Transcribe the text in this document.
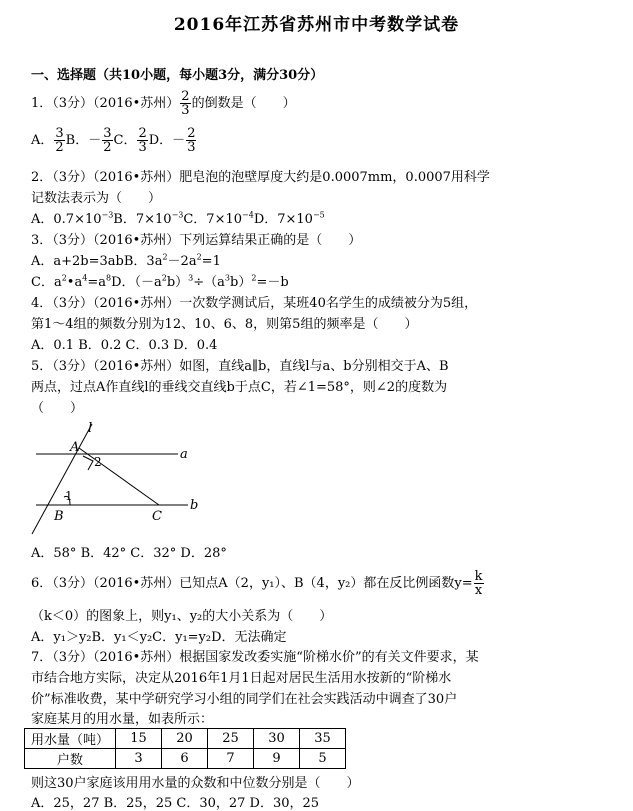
2016年江苏省苏州市中考数学试卷
一、选择题（共10小题，每小题3分，满分30分）
1．（3分）（2016•苏州） $\frac{2}{3}$ 的倒数是（　　）
A． $\frac{3}{2}$ B．－ $\frac{3}{2}$ C． $\frac{2}{3}$ D．－ $\frac{2}{3}$
2．（3分）（2016•苏州）肥皂泡的泡壁厚度大约是0.0007mm，0.0007用科学
记数法表示为（　　）
A．$0.7\times 10^{-3}B$．$7\times 10^{-3}C$．$7\times 10^{-4}D$．$7\times 10^{-5}$
3．（3分）（2016•苏州）下列运算结果正确的是（　　）
A．a+2b=3abB．$3a^2-2a^2=1$
C．$a^2•a^4=a^8D$．$(-a^2b)^3\div(a^3b)^2=-b$
4．（3分）（2016•苏州）一次数学测试后，某班40名学生的成绩被分为5组，
第1～4组的频数分别为12、10、6、8，则第5组的频率是（　　）
A．0.1 B．0.2 C．0.3 D．0.4
5．（3分）（2016•苏州）如图，直线a∥b，直线l与a、b分别相交于A、B
两点，过点A作直线l的垂线交直线b于点C，若∠1=58°，则∠2的度数为
（　　）
l
A
2	a
1
B	C
b
A．58° B．42° C．32° D．28°
6．（3分）（2016•苏州）已知点A（2，y₁）、B（4，y₂）都在反比例函数$y= \frac{k}{x}$
（k＜0）的图象上，则y₁、y₂的大小关系为（　　）
A．y₁＞y₂B．y₁＜y₂C．y₁=y₂D．无法确定
7．（3分）（2016•苏州）根据国家发改委实施“阶梯水价”的有关文件要求，某
市结合地方实际，决定从2016年1月1日起对居民生活用水按新的“阶梯水
价”标准收费，某中学研究学习小组的同学们在社会实践活动中调查了30户
家庭某月的用水量，如表所示：
用水量（吨）	15	20	25	30	35
户数	3	6	7	9	5
则这30户家庭该用用水量的众数和中位数分别是（　　）
A．25，27 B．25，25 C．30，27 D．30，25
